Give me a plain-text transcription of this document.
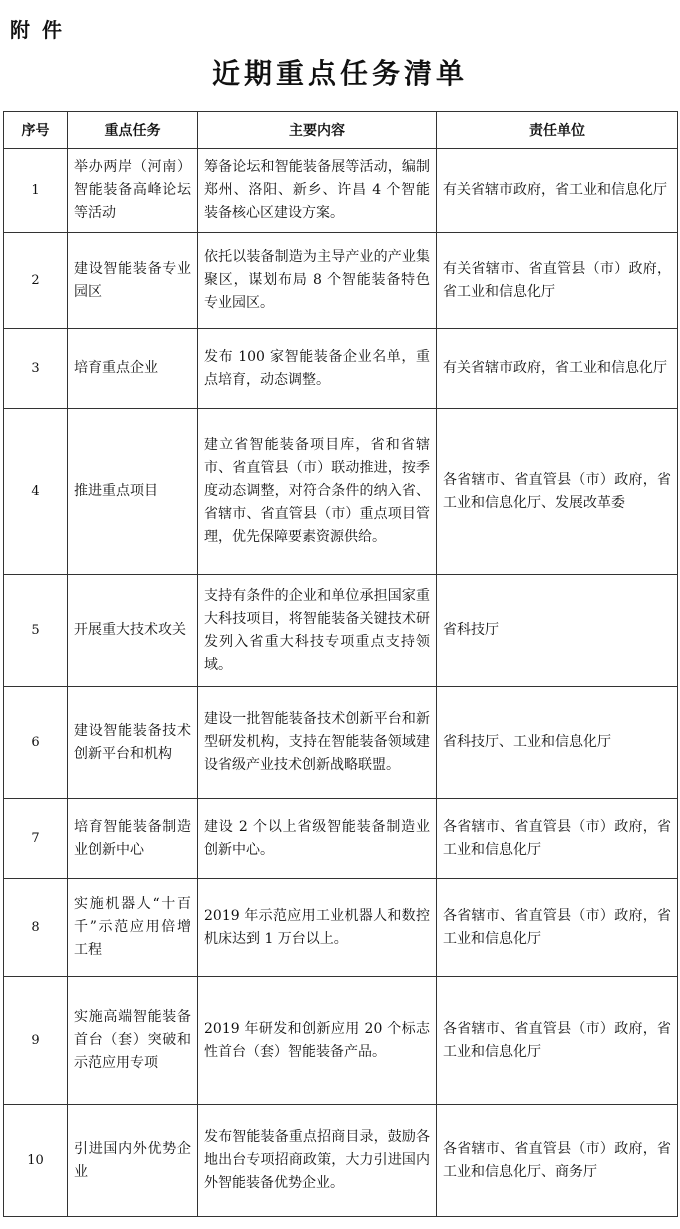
附件
近期重点任务清单
序号	重点任务	主要内容	责任单位
1	举办两岸（河南）智能装备高峰论坛等活动	筹备论坛和智能装备展等活动，编制郑州、洛阳、新乡、许昌 4 个智能装备核心区建设方案。	有关省辖市政府，省工业和信息化厅
2	建设智能装备专业园区	依托以装备制造为主导产业的产业集聚区，谋划布局 8 个智能装备特色专业园区。	有关省辖市、省直管县（市）政府，省工业和信息化厅
3	培育重点企业	发布 100 家智能装备企业名单，重点培育，动态调整。	有关省辖市政府，省工业和信息化厅
4	推进重点项目	建立省智能装备项目库，省和省辖市、省直管县（市）联动推进，按季度动态调整，对符合条件的纳入省、省辖市、省直管县（市）重点项目管理，优先保障要素资源供给。	各省辖市、省直管县（市）政府，省工业和信息化厅、发展改革委
5	开展重大技术攻关	支持有条件的企业和单位承担国家重大科技项目，将智能装备关键技术研发列入省重大科技专项重点支持领域。	省科技厅
6	建设智能装备技术创新平台和机构	建设一批智能装备技术创新平台和新型研发机构，支持在智能装备领域建设省级产业技术创新战略联盟。	省科技厅、工业和信息化厅
7	培育智能装备制造业创新中心	建设 2 个以上省级智能装备制造业创新中心。	各省辖市、省直管县（市）政府，省工业和信息化厅
8	实施机器人“十百千”示范应用倍增工程	2019 年示范应用工业机器人和数控机床达到 1 万台以上。	各省辖市、省直管县（市）政府，省工业和信息化厅
9	实施高端智能装备首台（套）突破和示范应用专项	2019 年研发和创新应用 20 个标志性首台（套）智能装备产品。	各省辖市、省直管县（市）政府，省工业和信息化厅
10	引进国内外优势企业	发布智能装备重点招商目录，鼓励各地出台专项招商政策，大力引进国内外智能装备优势企业。	各省辖市、省直管县（市）政府，省工业和信息化厅、商务厅
